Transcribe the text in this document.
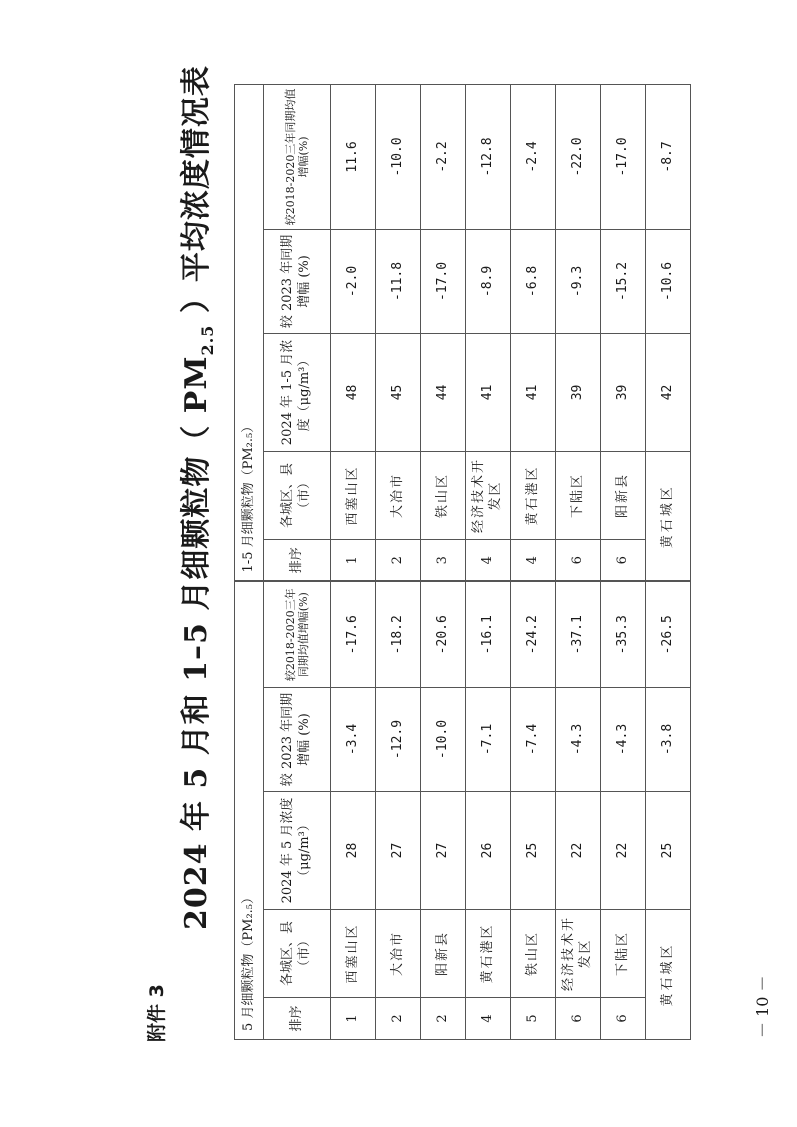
附件 3	－ 10 －
2024 年 5 月和 1–5 月细颗粒物（ $PM_{2.5}$ ）平均浓度情况表
5 月细颗粒物（PM₂.₅）					1-5 月细颗粒物（PM₂.₅）				
排序	各城区、县（市）	2024 年 5 月浓度（μg/m³）	较 2023 年同期增幅 (%)	较2018-2020三年同期均值增幅(%)	排序	各城区、县（市）	2024 年 1-5 月浓度（μg/m³）	较 2023 年同期增幅 (%)	较2018-2020三年同期均值增幅(%)
1	西塞山区	28	-3.4	-17.6	1	西塞山区	48	-2.0	11.6
2	大冶市	27	-12.9	-18.2	2	大冶市	45	-11.8	-10.0
2	阳新县	27	-10.0	-20.6	3	铁山区	44	-17.0	-2.2
4	黄石港区	26	-7.1	-16.1	4	经济技术开发区	41	-8.9	-12.8
5	铁山区	25	-7.4	-24.2	4	黄石港区	41	-6.8	-2.4
6	经济技术开发区	22	-4.3	-37.1	6	下陆区	39	-9.3	-22.0
6	下陆区	22	-4.3	-35.3	6	阳新县	39	-15.2	-17.0
黄石城区		25	-3.8	-26.5	黄石城区		42	-10.6	-8.7
